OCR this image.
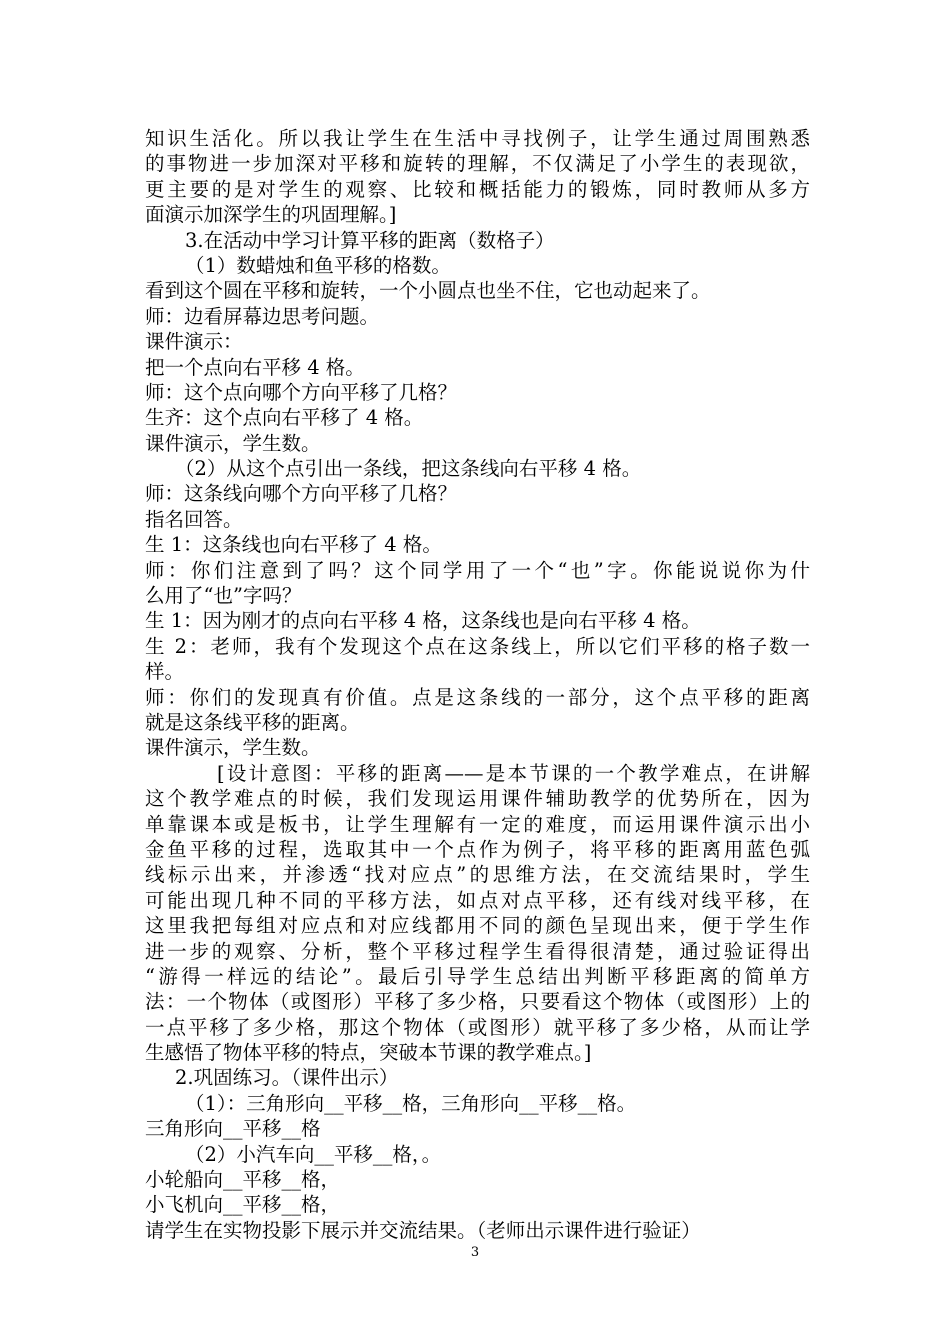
知识生活化。所以我让学生在生活中寻找例子，让学生通过周围熟悉
的事物进一步加深对平移和旋转的理解，不仅满足了小学生的表现欲，
更主要的是对学生的观察、比较和概括能力的锻炼，同时教师从多方
面演示加深学生的巩固理解。]
3.在活动中学习计算平移的距离（数格子）
（1）数蜡烛和鱼平移的格数。
看到这个圆在平移和旋转，一个小圆点也坐不住，它也动起来了。
师：边看屏幕边思考问题。
课件演示：
把一个点向右平移 4 格。
师：这个点向哪个方向平移了几格？
生齐：这个点向右平移了 4 格。
课件演示，学生数。
（2）从这个点引出一条线，把这条线向右平移 4 格。
师：这条线向哪个方向平移了几格？
指名回答。
生 1：这条线也向右平移了 4 格。
师：你们注意到了吗？这个同学用了一个“也”字。你能说说你为什
么用了“也”字吗？
生 1：因为刚才的点向右平移 4 格，这条线也是向右平移 4 格。
生 2：老师，我有个发现这个点在这条线上，所以它们平移的格子数一
样。
师：你们的发现真有价值。点是这条线的一部分，这个点平移的距离
就是这条线平移的距离。
课件演示，学生数。
[设计意图：平移的距离——是本节课的一个教学难点，在讲解
这个教学难点的时候，我们发现运用课件辅助教学的优势所在，因为
单靠课本或是板书，让学生理解有一定的难度，而运用课件演示出小
金鱼平移的过程，选取其中一个点作为例子，将平移的距离用蓝色弧
线标示出来，并渗透“找对应点”的思维方法，在交流结果时，学生
可能出现几种不同的平移方法，如点对点平移，还有线对线平移，在
这里我把每组对应点和对应线都用不同的颜色呈现出来，便于学生作
进一步的观察、分析，整个平移过程学生看得很清楚，通过验证得出
“游得一样远的结论”。最后引导学生总结出判断平移距离的简单方
法：一个物体（或图形）平移了多少格，只要看这个物体（或图形）上的
一点平移了多少格，那这个物体（或图形）就平移了多少格，从而让学
生感悟了物体平移的特点，突破本节课的教学难点。]
2.巩固练习。（课件出示）
（1）：三角形向__平移__格，三角形向__平移__格。
三角形向__平移__格
（2）小汽车向__平移__格，。
小轮船向__平移__格，
小飞机向__平移__格，
请学生在实物投影下展示并交流结果。（老师出示课件进行验证）
3
